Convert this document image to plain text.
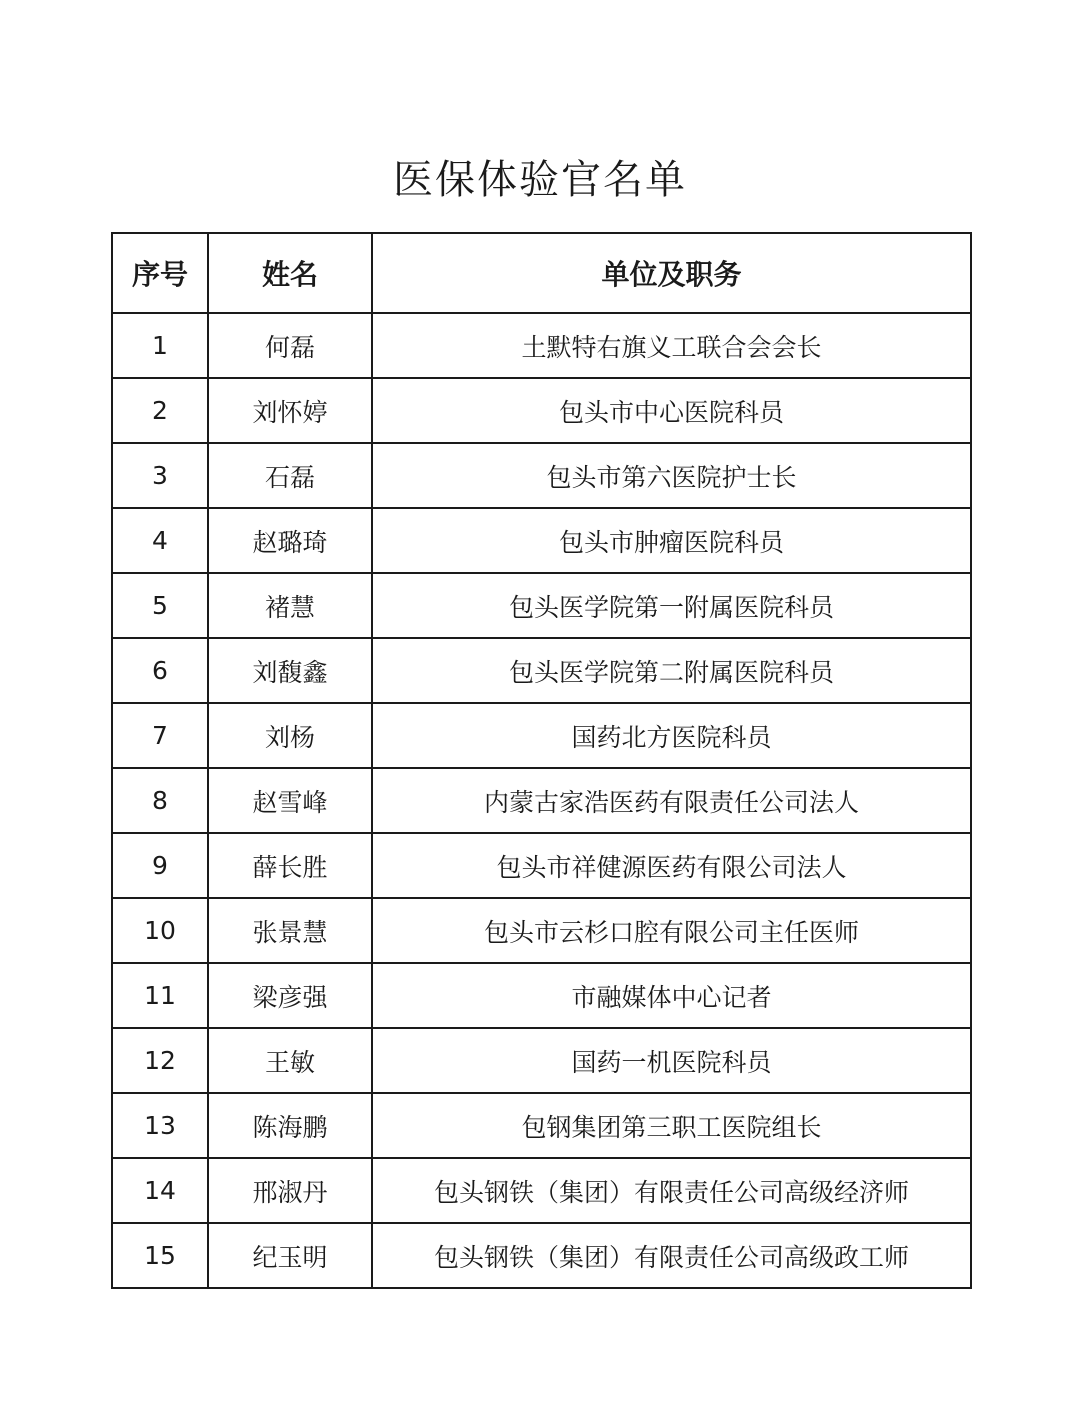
医保体验官名单
序号	姓名	单位及职务
1	何磊	土默特右旗义工联合会会长
2	刘怀婷	包头市中心医院科员
3	石磊	包头市第六医院护士长
4	赵璐琦	包头市肿瘤医院科员
5	褚慧	包头医学院第一附属医院科员
6	刘馥鑫	包头医学院第二附属医院科员
7	刘杨	国药北方医院科员
8	赵雪峰	内蒙古家浩医药有限责任公司法人
9	薛长胜	包头市祥健源医药有限公司法人
10	张景慧	包头市云杉口腔有限公司主任医师
11	梁彦强	市融媒体中心记者
12	王敏	国药一机医院科员
13	陈海鹏	包钢集团第三职工医院组长
14	邢淑丹	包头钢铁（集团）有限责任公司高级经济师
15	纪玉明	包头钢铁（集团）有限责任公司高级政工师
